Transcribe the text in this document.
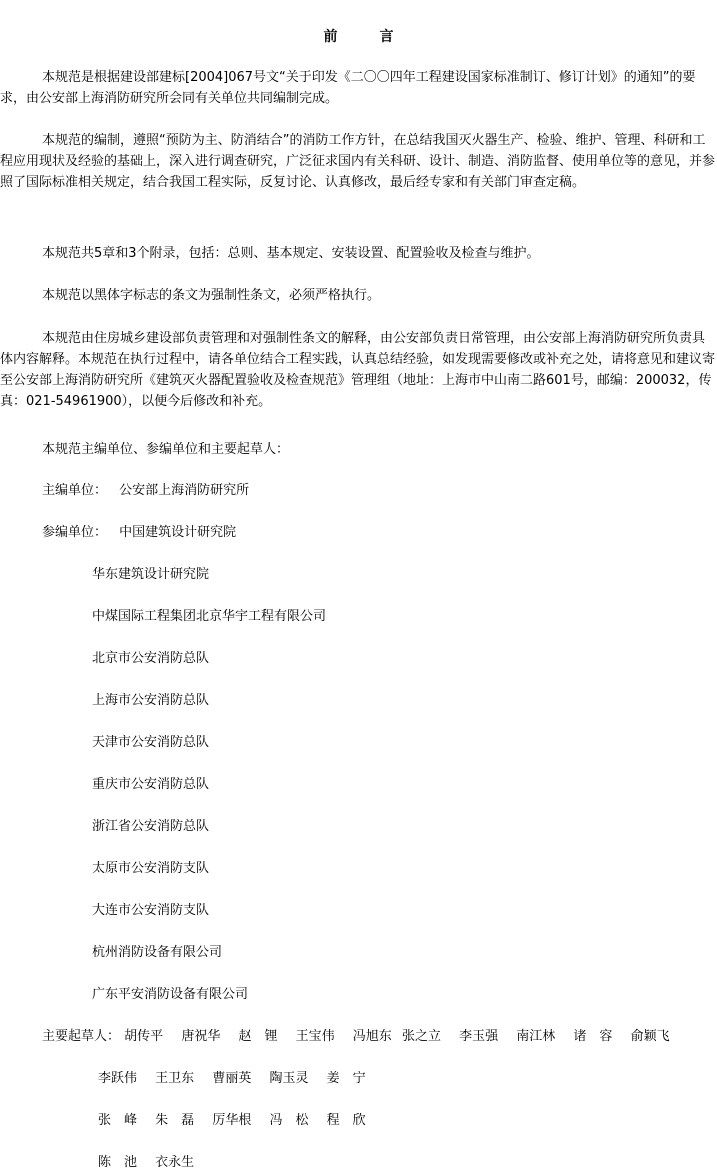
前　言
本规范是根据建设部建标[2004]067号文“关于印发《二〇〇四年工程建设国家标准制订、修订计划》的通知”的要求，由公安部上海消防研究所会同有关单位共同编制完成。
本规范的编制，遵照“预防为主、防消结合”的消防工作方针，在总结我国灭火器生产、检验、维护、管理、科研和工程应用现状及经验的基础上，深入进行调查研究，广泛征求国内有关科研、设计、制造、消防监督、使用单位等的意见，并参照了国际标准相关规定，结合我国工程实际，反复讨论、认真修改，最后经专家和有关部门审查定稿。
本规范共5章和3个附录，包括：总则、基本规定、安装设置、配置验收及检查与维护。
本规范以黑体字标志的条文为强制性条文，必须严格执行。
本规范由住房城乡建设部负责管理和对强制性条文的解释，由公安部负责日常管理，由公安部上海消防研究所负责具体内容解释。本规范在执行过程中，请各单位结合工程实践，认真总结经验，如发现需要修改或补充之处，请将意见和建议寄至公安部上海消防研究所《建筑灭火器配置验收及检查规范》管理组（地址：上海市中山南二路601号，邮编：200032，传真：021-54961900），以便今后修改和补充。
本规范主编单位、参编单位和主要起草人：
主编单位： 公安部上海消防研究所
参编单位： 中国建筑设计研究院
华东建筑设计研究院
中煤国际工程集团北京华宇工程有限公司
北京市公安消防总队
上海市公安消防总队
天津市公安消防总队
重庆市公安消防总队
浙江省公安消防总队
太原市公安消防支队
大连市公安消防支队
杭州消防设备有限公司
广东平安消防设备有限公司
主要起草人： 胡传平 唐祝华 赵　锂 王宝伟 冯旭东 张之立 李玉强 南江林 诸　容 俞颖飞
李跃伟 王卫东 曹丽英 陶玉灵 姜　宁
张　峰 朱　磊 厉华根 冯　松 程　欣
陈　池 衣永生
